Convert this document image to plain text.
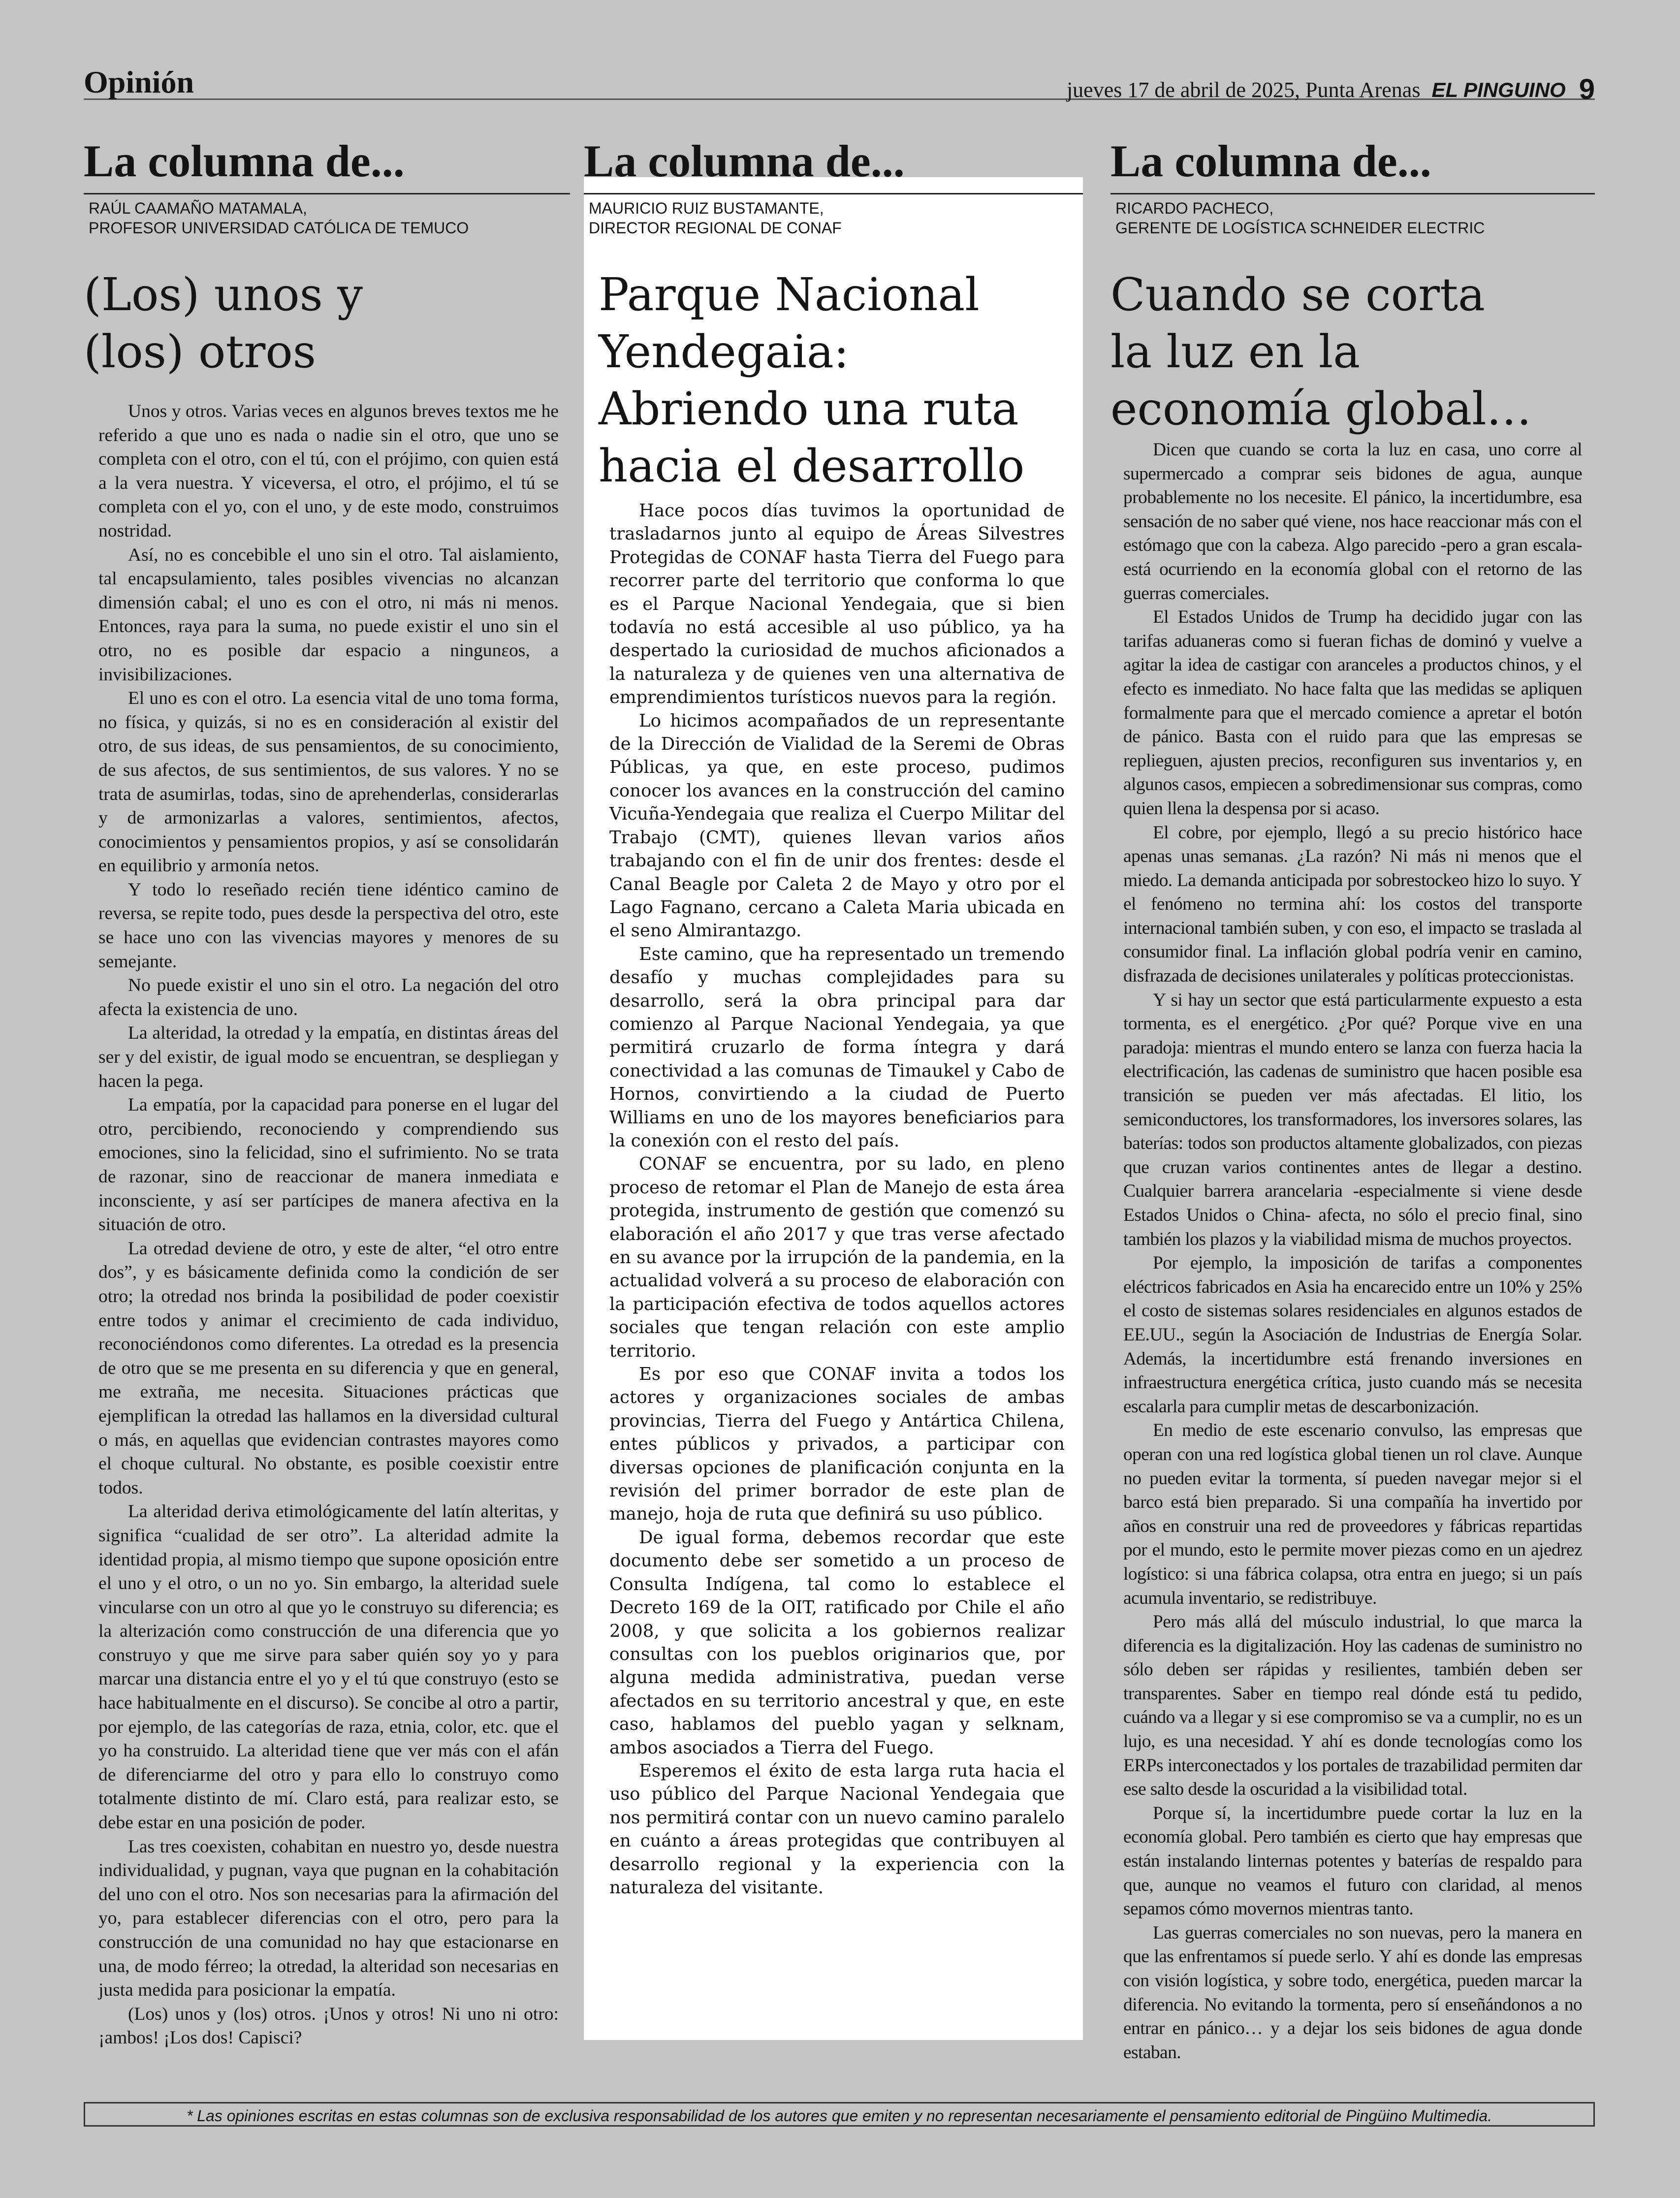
Opinión	jueves 17 de abril de 2025, Punta Arenas EL PINGUINO 9
La columna de...
RAÚL CAAMAÑO MATAMALA,
PROFESOR UNIVERSIDAD CATÓLICA DE TEMUCO
(Los) unos y
(los) otros

Unos y otros. Varias veces en algunos breves textos me he referido a que uno es nada o nadie sin el otro, que uno se completa con el otro, con el tú, con el prójimo, con quien está a la vera nuestra. Y viceversa, el otro, el prójimo, el tú se completa con el yo, con el uno, y de este modo, construimos nostridad.

Así, no es concebible el uno sin el otro. Tal aislamiento, tal encapsulamiento, tales posibles vivencias no alcanzan dimensión cabal; el uno es con el otro, ni más ni menos. Entonces, raya para la suma, no puede existir el uno sin el otro, no es posible dar espacio a ningunεos, a invisibilizaciones.

El uno es con el otro. La esencia vital de uno toma forma, no física, y quizás, si no es en consideración al existir del otro, de sus ideas, de sus pensamientos, de su conocimiento, de sus afectos, de sus sentimientos, de sus valores. Y no se trata de asumirlas, todas, sino de aprehenderlas, considerarlas y de armonizarlas a valores, sentimientos, afectos, conocimientos y pensamientos propios, y así se consolidarán en equilibrio y armonía netos.

Y todo lo reseñado recién tiene idéntico camino de reversa, se repite todo, pues desde la perspectiva del otro, este se hace uno con las vivencias mayores y menores de su semejante.

No puede existir el uno sin el otro. La negación del otro afecta la existencia de uno.

La alteridad, la otredad y la empatía, en distintas áreas del ser y del existir, de igual modo se encuentran, se despliegan y hacen la pega.

La empatía, por la capacidad para ponerse en el lugar del otro, percibiendo, reconociendo y comprendiendo sus emociones, sino la felicidad, sino el sufrimiento. No se trata de razonar, sino de reaccionar de manera inmediata e inconsciente, y así ser partícipes de manera afectiva en la situación de otro.

La otredad deviene de otro, y este de alter, “el otro entre dos”, y es básicamente definida como la condición de ser otro; la otredad nos brinda la posibilidad de poder coexistir entre todos y animar el crecimiento de cada individuo, reconociéndonos como diferentes. La otredad es la presencia de otro que se me presenta en su diferencia y que en general, me extraña, me necesita. Situaciones prácticas que ejemplifican la otredad las hallamos en la diversidad cultural o más, en aquellas que evidencian contrastes mayores como el choque cultural. No obstante, es posible coexistir entre todos.

La alteridad deriva etimológicamente del latín alteritas, y significa “cualidad de ser otro”. La alteridad admite la identidad propia, al mismo tiempo que supone oposición entre el uno y el otro, o un no yo. Sin embargo, la alteridad suele vincularse con un otro al que yo le construyo su diferencia; es la alterización como construcción de una diferencia que yo construyo y que me sirve para saber quién soy yo y para marcar una distancia entre el yo y el tú que construyo (esto se hace habitualmente en el discurso). Se concibe al otro a partir, por ejemplo, de las categorías de raza, etnia, color, etc. que el yo ha construido. La alteridad tiene que ver más con el afán de diferenciarme del otro y para ello lo construyo como totalmente distinto de mí. Claro está, para realizar esto, se debe estar en una posición de poder.

Las tres coexisten, cohabitan en nuestro yo, desde nuestra individualidad, y pugnan, vaya que pugnan en la cohabitación del uno con el otro. Nos son necesarias para la afirmación del yo, para establecer diferencias con el otro, pero para la construcción de una comunidad no hay que estacionarse en una, de modo férreo; la otredad, la alteridad son necesarias en justa medida para posicionar la empatía.

(Los) unos y (los) otros. ¡Unos y otros! Ni uno ni otro: ¡ambos! ¡Los dos! Capisci?

La columna de...
MAURICIO RUIZ BUSTAMANTE,
DIRECTOR REGIONAL DE CONAF
Parque Nacional
Yendegaia:
Abriendo una ruta
hacia el desarrollo

Hace pocos días tuvimos la oportunidad de trasladarnos junto al equipo de Áreas Silvestres Protegidas de CONAF hasta Tierra del Fuego para recorrer parte del territorio que conforma lo que es el Parque Nacional Yendegaia, que si bien todavía no está accesible al uso público, ya ha despertado la curiosidad de muchos aficionados a la naturaleza y de quienes ven una alternativa de emprendimientos turísticos nuevos para la región.

Lo hicimos acompañados de un representante de la Dirección de Vialidad de la Seremi de Obras Públicas, ya que, en este proceso, pudimos conocer los avances en la construcción del camino Vicuña-Yendegaia que realiza el Cuerpo Militar del Trabajo (CMT), quienes llevan varios años trabajando con el fin de unir dos frentes: desde el Canal Beagle por Caleta 2 de Mayo y otro por el Lago Fagnano, cercano a Caleta Maria ubicada en el seno Almirantazgo.

Este camino, que ha representado un tremendo desafío y muchas complejidades para su desarrollo, será la obra principal para dar comienzo al Parque Nacional Yendegaia, ya que permitirá cruzarlo de forma íntegra y dará conectividad a las comunas de Timaukel y Cabo de Hornos, convirtiendo a la ciudad de Puerto Williams en uno de los mayores beneficiarios para la conexión con el resto del país.

CONAF se encuentra, por su lado, en pleno proceso de retomar el Plan de Manejo de esta área protegida, instrumento de gestión que comenzó su elaboración el año 2017 y que tras verse afectado en su avance por la irrupción de la pandemia, en la actualidad volverá a su proceso de elaboración con la participación efectiva de todos aquellos actores sociales que tengan relación con este amplio territorio.

Es por eso que CONAF invita a todos los actores y organizaciones sociales de ambas provincias, Tierra del Fuego y Antártica Chilena, entes públicos y privados, a participar con diversas opciones de planificación conjunta en la revisión del primer borrador de este plan de manejo, hoja de ruta que definirá su uso público.

De igual forma, debemos recordar que este documento debe ser sometido a un proceso de Consulta Indígena, tal como lo establece el Decreto 169 de la OIT, ratificado por Chile el año 2008, y que solicita a los gobiernos realizar consultas con los pueblos originarios que, por alguna medida administrativa, puedan verse afectados en su territorio ancestral y que, en este caso, hablamos del pueblo yagan y selknam, ambos asociados a Tierra del Fuego.

Esperemos el éxito de esta larga ruta hacia el uso público del Parque Nacional Yendegaia que nos permitirá contar con un nuevo camino paralelo en cuánto a áreas protegidas que contribuyen al desarrollo regional y la experiencia con la naturaleza del visitante.

La columna de...
RICARDO PACHECO,
GERENTE DE LOGÍSTICA SCHNEIDER ELECTRIC
Cuando se corta
la luz en la
economía global…

Dicen que cuando se corta la luz en casa, uno corre al supermercado a comprar seis bidones de agua, aunque probablemente no los necesite. El pánico, la incertidumbre, esa sensación de no saber qué viene, nos hace reaccionar más con el estómago que con la cabeza. Algo parecido -pero a gran escala- está ocurriendo en la economía global con el retorno de las guerras comerciales.

El Estados Unidos de Trump ha decidido jugar con las tarifas aduaneras como si fueran fichas de dominó y vuelve a agitar la idea de castigar con aranceles a productos chinos, y el efecto es inmediato. No hace falta que las medidas se apliquen formalmente para que el mercado comience a apretar el botón de pánico. Basta con el ruido para que las empresas se replieguen, ajusten precios, reconfiguren sus inventarios y, en algunos casos, empiecen a sobredimensionar sus compras, como quien llena la despensa por si acaso.

El cobre, por ejemplo, llegó a su precio histórico hace apenas unas semanas. ¿La razón? Ni más ni menos que el miedo. La demanda anticipada por sobrestockeo hizo lo suyo. Y el fenómeno no termina ahí: los costos del transporte internacional también suben, y con eso, el impacto se traslada al consumidor final. La inflación global podría venir en camino, disfrazada de decisiones unilaterales y políticas proteccionistas.

Y si hay un sector que está particularmente expuesto a esta tormenta, es el energético. ¿Por qué? Porque vive en una paradoja: mientras el mundo entero se lanza con fuerza hacia la electrificación, las cadenas de suministro que hacen posible esa transición se pueden ver más afectadas. El litio, los semiconductores, los transformadores, los inversores solares, las baterías: todos son productos altamente globalizados, con piezas que cruzan varios continentes antes de llegar a destino. Cualquier barrera arancelaria -especialmente si viene desde Estados Unidos o China- afecta, no sólo el precio final, sino también los plazos y la viabilidad misma de muchos proyectos.

Por ejemplo, la imposición de tarifas a componentes eléctricos fabricados en Asia ha encarecido entre un 10% y 25% el costo de sistemas solares residenciales en algunos estados de EE.UU., según la Asociación de Industrias de Energía Solar. Además, la incertidumbre está frenando inversiones en infraestructura energética crítica, justo cuando más se necesita escalarla para cumplir metas de descarbonización.

En medio de este escenario convulso, las empresas que operan con una red logística global tienen un rol clave. Aunque no pueden evitar la tormenta, sí pueden navegar mejor si el barco está bien preparado. Si una compañía ha invertido por años en construir una red de proveedores y fábricas repartidas por el mundo, esto le permite mover piezas como en un ajedrez logístico: si una fábrica colapsa, otra entra en juego; si un país acumula inventario, se redistribuye.

Pero más allá del músculo industrial, lo que marca la diferencia es la digitalización. Hoy las cadenas de suministro no sólo deben ser rápidas y resilientes, también deben ser transparentes. Saber en tiempo real dónde está tu pedido, cuándo va a llegar y si ese compromiso se va a cumplir, no es un lujo, es una necesidad. Y ahí es donde tecnologías como los ERPs interconectados y los portales de trazabilidad permiten dar ese salto desde la oscuridad a la visibilidad total.

Porque sí, la incertidumbre puede cortar la luz en la economía global. Pero también es cierto que hay empresas que están instalando linternas potentes y baterías de respaldo para que, aunque no veamos el futuro con claridad, al menos sepamos cómo movernos mientras tanto.

Las guerras comerciales no son nuevas, pero la manera en que las enfrentamos sí puede serlo. Y ahí es donde las empresas con visión logística, y sobre todo, energética, pueden marcar la diferencia. No evitando la tormenta, pero sí enseñándonos a no entrar en pánico… y a dejar los seis bidones de agua donde estaban.

* Las opiniones escritas en estas columnas son de exclusiva responsabilidad de los autores que emiten y no representan necesariamente el pensamiento editorial de Pingüino Multimedia.
